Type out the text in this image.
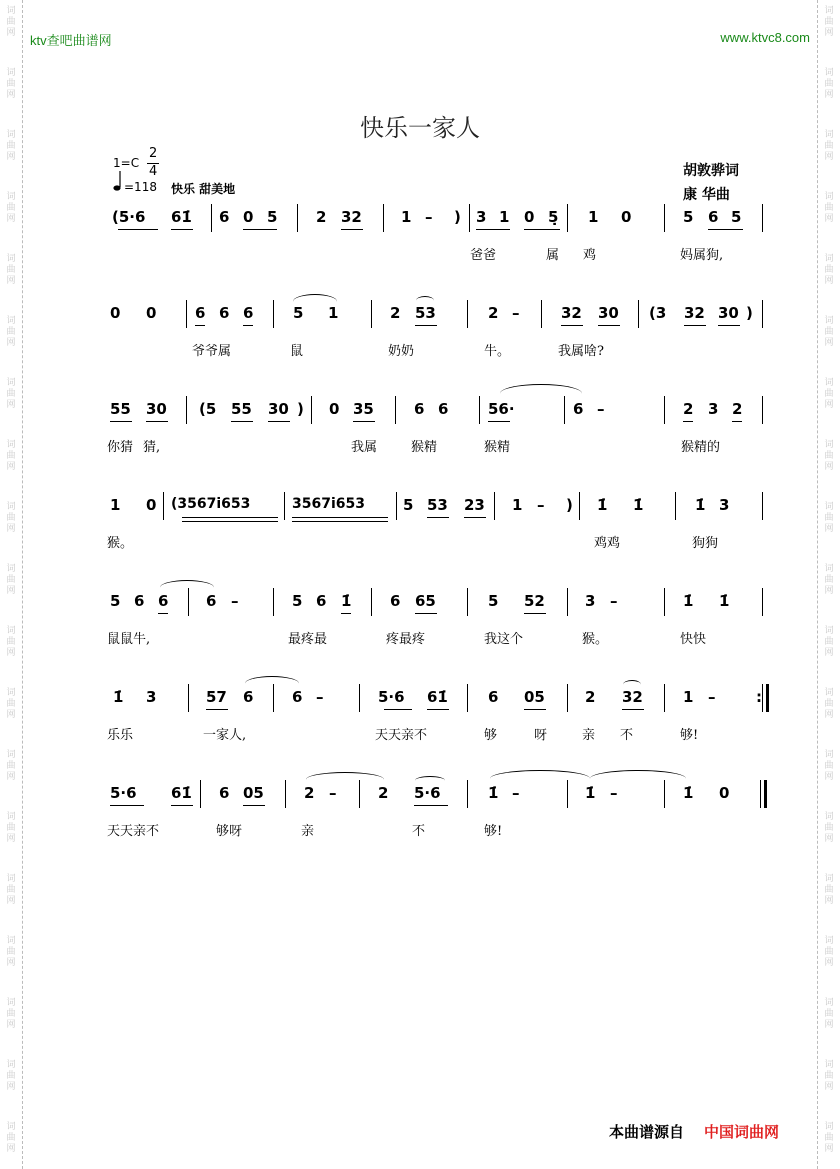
词
曲
网
词
曲
网
词
曲
网
词
曲
网
词
曲
网
词
曲
网
词
曲
网
词
曲
网
词
曲
网
词
曲
网
词
曲
网
词
曲
网
词
曲
网
词
曲
网
词
曲
网
词
曲
网
词
曲
网
词
曲
网
词
曲
网
词
曲
网
词
曲
网
词
曲
网
词
曲
网
词
曲
网
词
曲
网
词
曲
网
词
曲
网
词
曲
网
词
曲
网
词
曲
网
词
曲
网
词
曲
网
词
曲
网
词
曲
网
词
曲
网
词
曲
网
词
曲
网
词
曲
网
ktv查吧曲谱网	www.ktvc8.com
快乐一家人
1=C
2
4
=118 快乐 甜美地
胡敦骅词
康 华曲
(5·6 61̇ 6 0 5	2 32	1 – ) 3 1 0 5̣ 1 0	5 6 5
爸爸	属 鸡	妈属狗,
0 0	6 6 6	5 1	2 53	2 –	32 30 (3 32 30 )
爷爷属	鼠	奶奶	牛。	我属啥?
55 30 (5 55 30 ) 0 35	6 6	56·	6 –	2 3 2
你猜 猜,	我属	猴精	猴精	猴精的
1 0 (3567i̇653	3567i̇653	5 53 23 1 – ) 1̇ 1̇	1̇ 3
猴。	鸡鸡	狗狗
5 6 6	6 –	5 6 1̇	6 65	5 52	3 –	1̇ 1̇
鼠鼠牛,	最疼最	疼最疼	我这个	猴。	快快
1̇ 3	57 6	6 –	5·6 61̇	6 05	2 32	1 –	:
乐乐	一家人,	天天亲不	够	呀	亲 不	够!
5·6 61̇ 6 05	2 –	2 5·6	1̇ –	1̇ –	1̇ 0
天天亲不	够呀	亲	不	够!
本曲谱源自 中国词曲网
